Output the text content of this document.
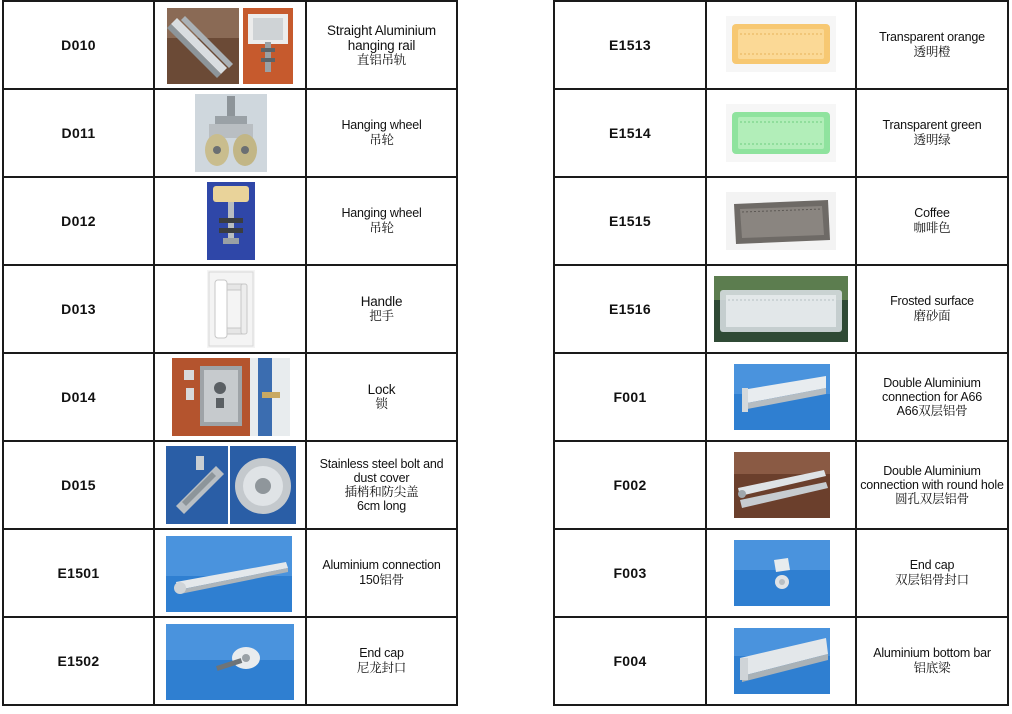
D010		Straight Aluminium hanging rail
直铝吊轨

D011		Hanging wheel
吊轮

D012		Hanging wheel
吊轮

D013		Handle
把手

D014		Lock
锁

D015		Stainless steel bolt and dust cover
插梢和防尖盖
6cm long

E1501		Aluminium connection
150铝骨

E1502		End cap
尼龙封口

E1513		Transparent orange
透明橙

E1514		Transparent green
透明绿

E1515		Coffee
咖啡色

E1516		Frosted surface
磨砂面

F001		Double Aluminium connection for A66
A66双层铝骨

F002		Double Aluminium connection with round hole 圆孔双层铝骨

F003		End cap
双层铝骨封口

F004		Aluminium bottom bar
铝底梁
